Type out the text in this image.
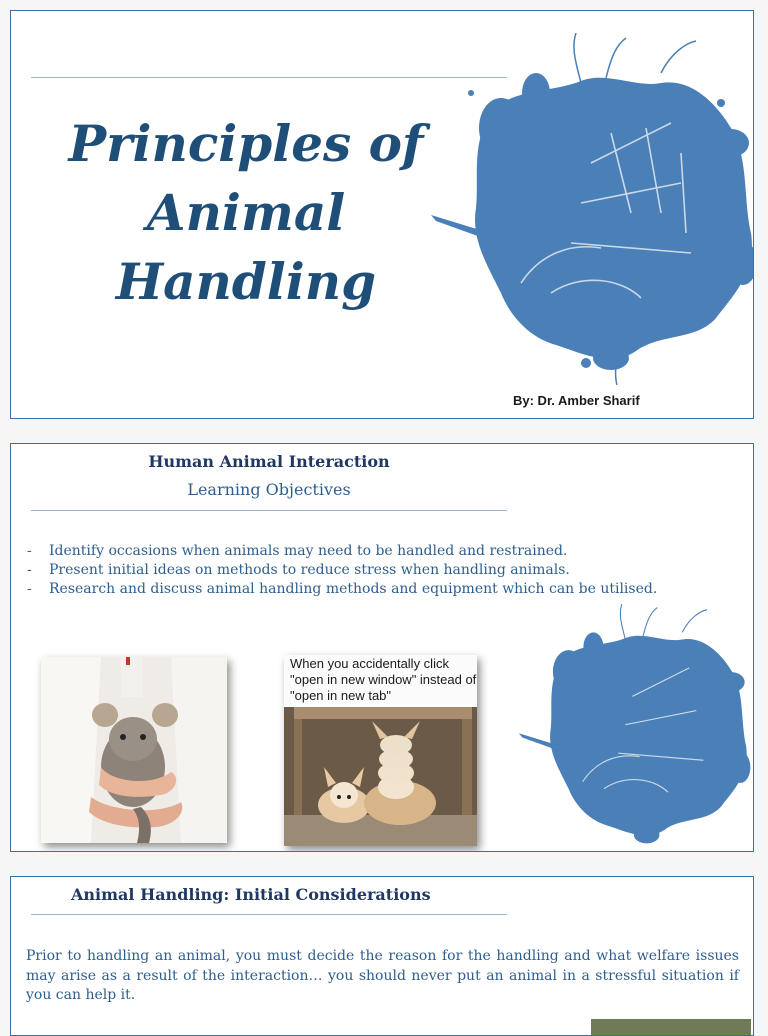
Principles of
Animal
Handling
By: Dr. Amber Sharif
Human Animal Interaction
Learning Objectives
- Identify occasions when animals may need to be handled and restrained.
- Present initial ideas on methods to reduce stress when handling animals.
- Research and discuss animal handling methods and equipment which can be utilised.
When you accidentally click "open in new window" instead of "open in new tab"
Animal Handling: Initial Considerations

Prior to handling an animal, you must decide the reason for the handling and what welfare issues may arise as a result of the interaction… you should never put an animal in a stressful situation if you can help it.
